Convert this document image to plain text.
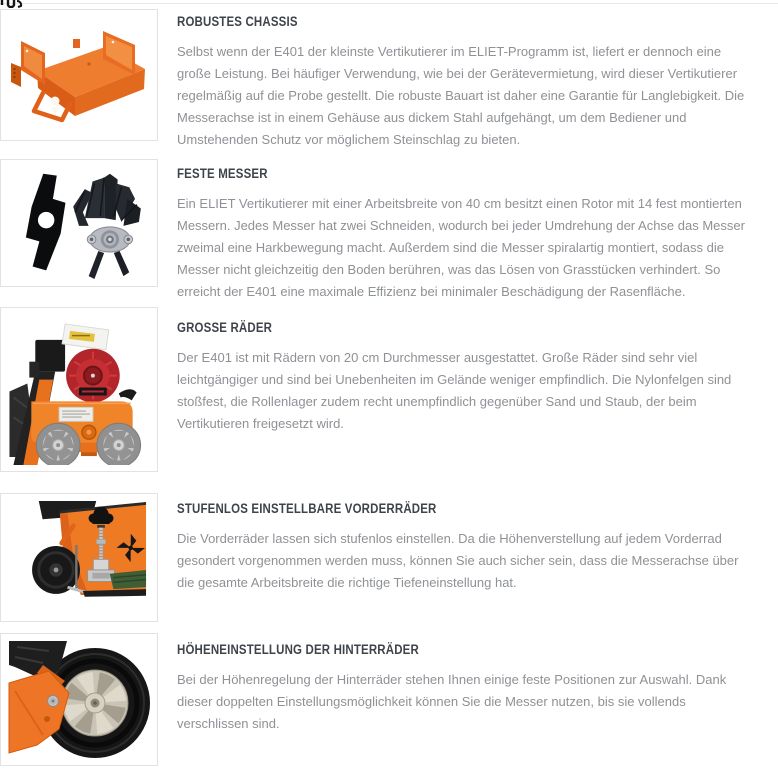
ROBUSTES CHASSIS

Selbst wenn der E401 der kleinste Vertikutierer im ELIET-Programm ist, liefert er dennoch eine große Leistung. Bei häufiger Verwendung, wie bei der Gerätevermietung, wird dieser Vertikutierer regelmäßig auf die Probe gestellt. Die robuste Bauart ist daher eine Garantie für Langlebigkeit. Die Messerachse ist in einem Gehäuse aus dickem Stahl aufgehängt, um dem Bediener und Umstehenden Schutz vor möglichem Steinschlag zu bieten.

FESTE MESSER

Ein ELIET Vertikutierer mit einer Arbeitsbreite von 40 cm besitzt einen Rotor mit 14 fest montierten Messern. Jedes Messer hat zwei Schneiden, wodurch bei jeder Umdrehung der Achse das Messer zweimal eine Harkbewegung macht. Außerdem sind die Messer spiralartig montiert, sodass die Messer nicht gleichzeitig den Boden berühren, was das Lösen von Grasstücken verhindert. So erreicht der E401 eine maximale Effizienz bei minimaler Beschädigung der Rasenfläche.

GROSSE RÄDER

Der E401 ist mit Rädern von 20 cm Durchmesser ausgestattet. Große Räder sind sehr viel leichtgängiger und sind bei Unebenheiten im Gelände weniger empfindlich. Die Nylonfelgen sind stoßfest, die Rollenlager zudem recht unempfindlich gegenüber Sand und Staub, der beim Vertikutieren freigesetzt wird.

STUFENLOS EINSTELLBARE VORDERRÄDER

Die Vorderräder lassen sich stufenlos einstellen. Da die Höhenverstellung auf jedem Vorderrad gesondert vorgenommen werden muss, können Sie auch sicher sein, dass die Messerachse über die gesamte Arbeitsbreite die richtige Tiefeneinstellung hat.

HÖHENEINSTELLUNG DER HINTERRÄDER

Bei der Höhenregelung der Hinterräder stehen Ihnen einige feste Positionen zur Auswahl. Dank dieser doppelten Einstellungsmöglichkeit können Sie die Messer nutzen, bis sie vollends verschlissen sind.
